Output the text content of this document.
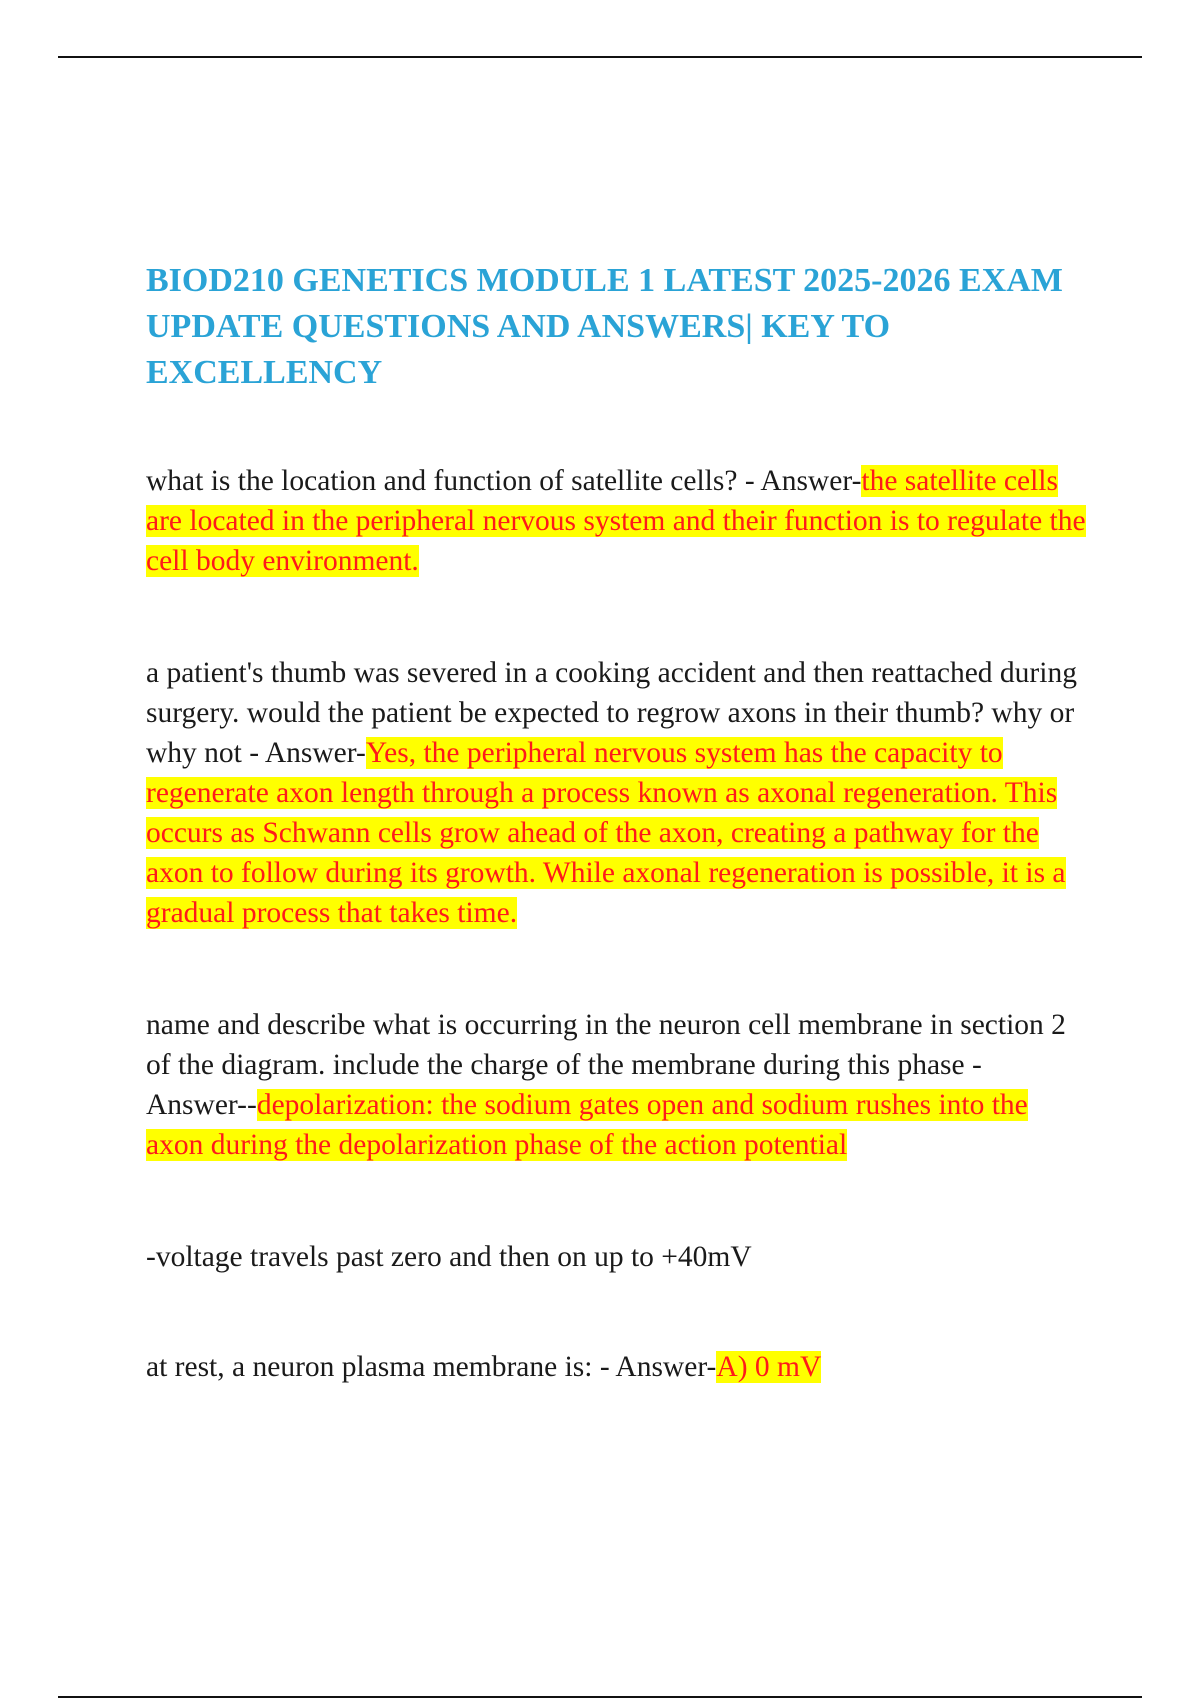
BIOD210 GENETICS MODULE 1 LATEST 2025-2026 EXAM UPDATE QUESTIONS AND ANSWERS| KEY TO EXCELLENCY

what is the location and function of satellite cells? - Answer-the satellite cells are located in the peripheral nervous system and their function is to regulate the cell body environment.

a patient's thumb was severed in a cooking accident and then reattached during surgery. would the patient be expected to regrow axons in their thumb? why or why not - Answer-Yes, the peripheral nervous system has the capacity to regenerate axon length through a process known as axonal regeneration. This occurs as Schwann cells grow ahead of the axon, creating a pathway for the axon to follow during its growth. While axonal regeneration is possible, it is a gradual process that takes time.

name and describe what is occurring in the neuron cell membrane in section 2 of the diagram. include the charge of the membrane during this phase - Answer--depolarization: the sodium gates open and sodium rushes into the axon during the depolarization phase of the action potential

-voltage travels past zero and then on up to +40mV

at rest, a neuron plasma membrane is: - Answer-A) 0 mV
